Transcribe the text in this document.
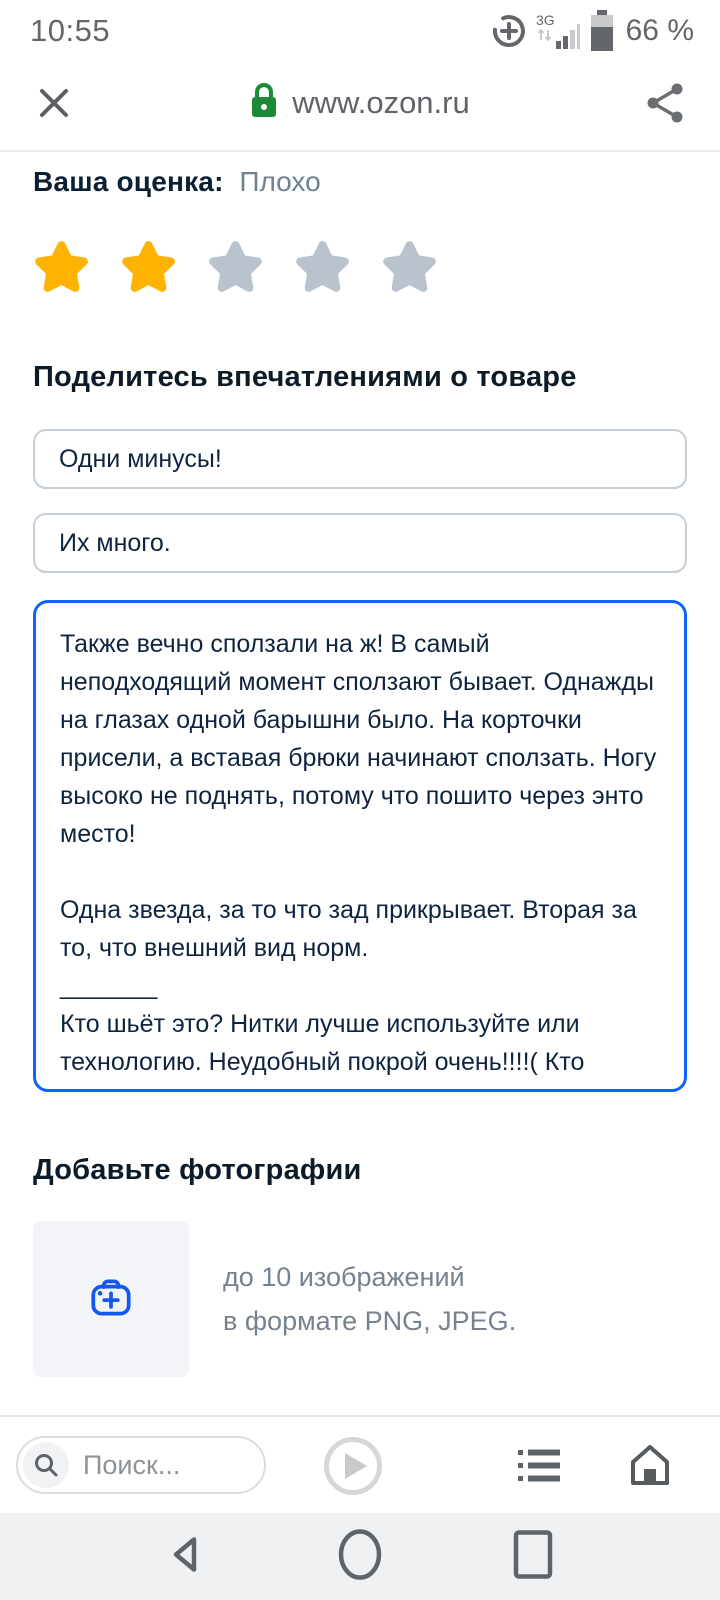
10:55	3G 66 %
www.ozon.ru
Ваша оценка: Плохо
Поделитесь впечатлениями о товаре
Одни минусы!
Их много.
Также вечно сползали на ж! В самый неподходящий момент сползают бывает. Однажды на глазах одной барышни было. На корточки присели, а вставая брюки начинают сползать. Ногу высоко не поднять, потому что пошито через энто место! Одна звезда, за то что зад прикрывает. Вторая за то, что внешний вид норм. _______ Кто шьёт это? Нитки лучше используйте или технологию. Неудобный покрой очень!!!!( Кто додумался такое утвердить)
Добавьте фотографии
до 10 изображений
в формате PNG, JPEG.
Поиск...
